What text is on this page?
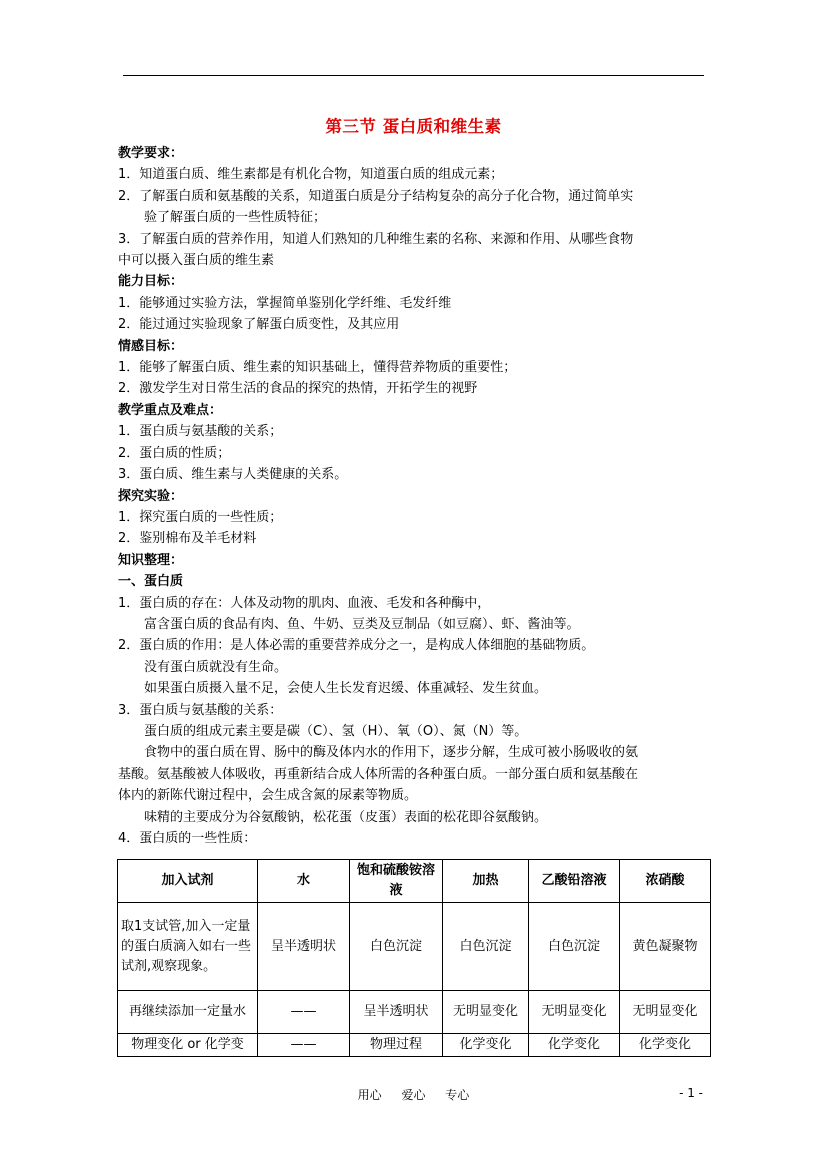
第三节 蛋白质和维生素
教学要求：
1．知道蛋白质、维生素都是有机化合物，知道蛋白质的组成元素；
2．了解蛋白质和氨基酸的关系，知道蛋白质是分子结构复杂的高分子化合物，通过简单实
验了解蛋白质的一些性质特征；
3．了解蛋白质的营养作用，知道人们熟知的几种维生素的名称、来源和作用、从哪些食物
中可以摄入蛋白质的维生素
能力目标：
1．能够通过实验方法，掌握简单鉴别化学纤维、毛发纤维
2．能过通过实验现象了解蛋白质变性，及其应用
情感目标：
1．能够了解蛋白质、维生素的知识基础上，懂得营养物质的重要性；
2．激发学生对日常生活的食品的探究的热情，开拓学生的视野
教学重点及难点：
1．蛋白质与氨基酸的关系；
2．蛋白质的性质；
3．蛋白质、维生素与人类健康的关系。
探究实验：
1．探究蛋白质的一些性质；
2．鉴别棉布及羊毛材料
知识整理：
一、蛋白质
1．蛋白质的存在：人体及动物的肌肉、血液、毛发和各种酶中，
富含蛋白质的食品有肉、鱼、牛奶、豆类及豆制品（如豆腐）、虾、酱油等。
2．蛋白质的作用：是人体必需的重要营养成分之一，是构成人体细胞的基础物质。
没有蛋白质就没有生命。
如果蛋白质摄入量不足，会使人生长发育迟缓、体重减轻、发生贫血。
3．蛋白质与氨基酸的关系：
蛋白质的组成元素主要是碳（C）、氢（H）、氧（O）、氮（N）等。
食物中的蛋白质在胃、肠中的酶及体内水的作用下，逐步分解，生成可被小肠吸收的氨
基酸。氨基酸被人体吸收，再重新结合成人体所需的各种蛋白质。一部分蛋白质和氨基酸在
体内的新陈代谢过程中，会生成含氮的尿素等物质。
味精的主要成分为谷氨酸钠，松花蛋（皮蛋）表面的松花即谷氨酸钠。
4．蛋白质的一些性质：
加入试剂	水	饱和硫酸铵溶液	加热	乙酸铅溶液	浓硝酸
取1支试管,加入一定量的蛋白质滴入如右一些试剂,观察现象。	呈半透明状	白色沉淀	白色沉淀	白色沉淀	黄色凝聚物
再继续添加一定量水	——	呈半透明状	无明显变化	无明显变化	无明显变化
物理变化 or 化学变	——	物理过程	化学变化	化学变化	化学变化
用心 爱心 专心	- 1 -
